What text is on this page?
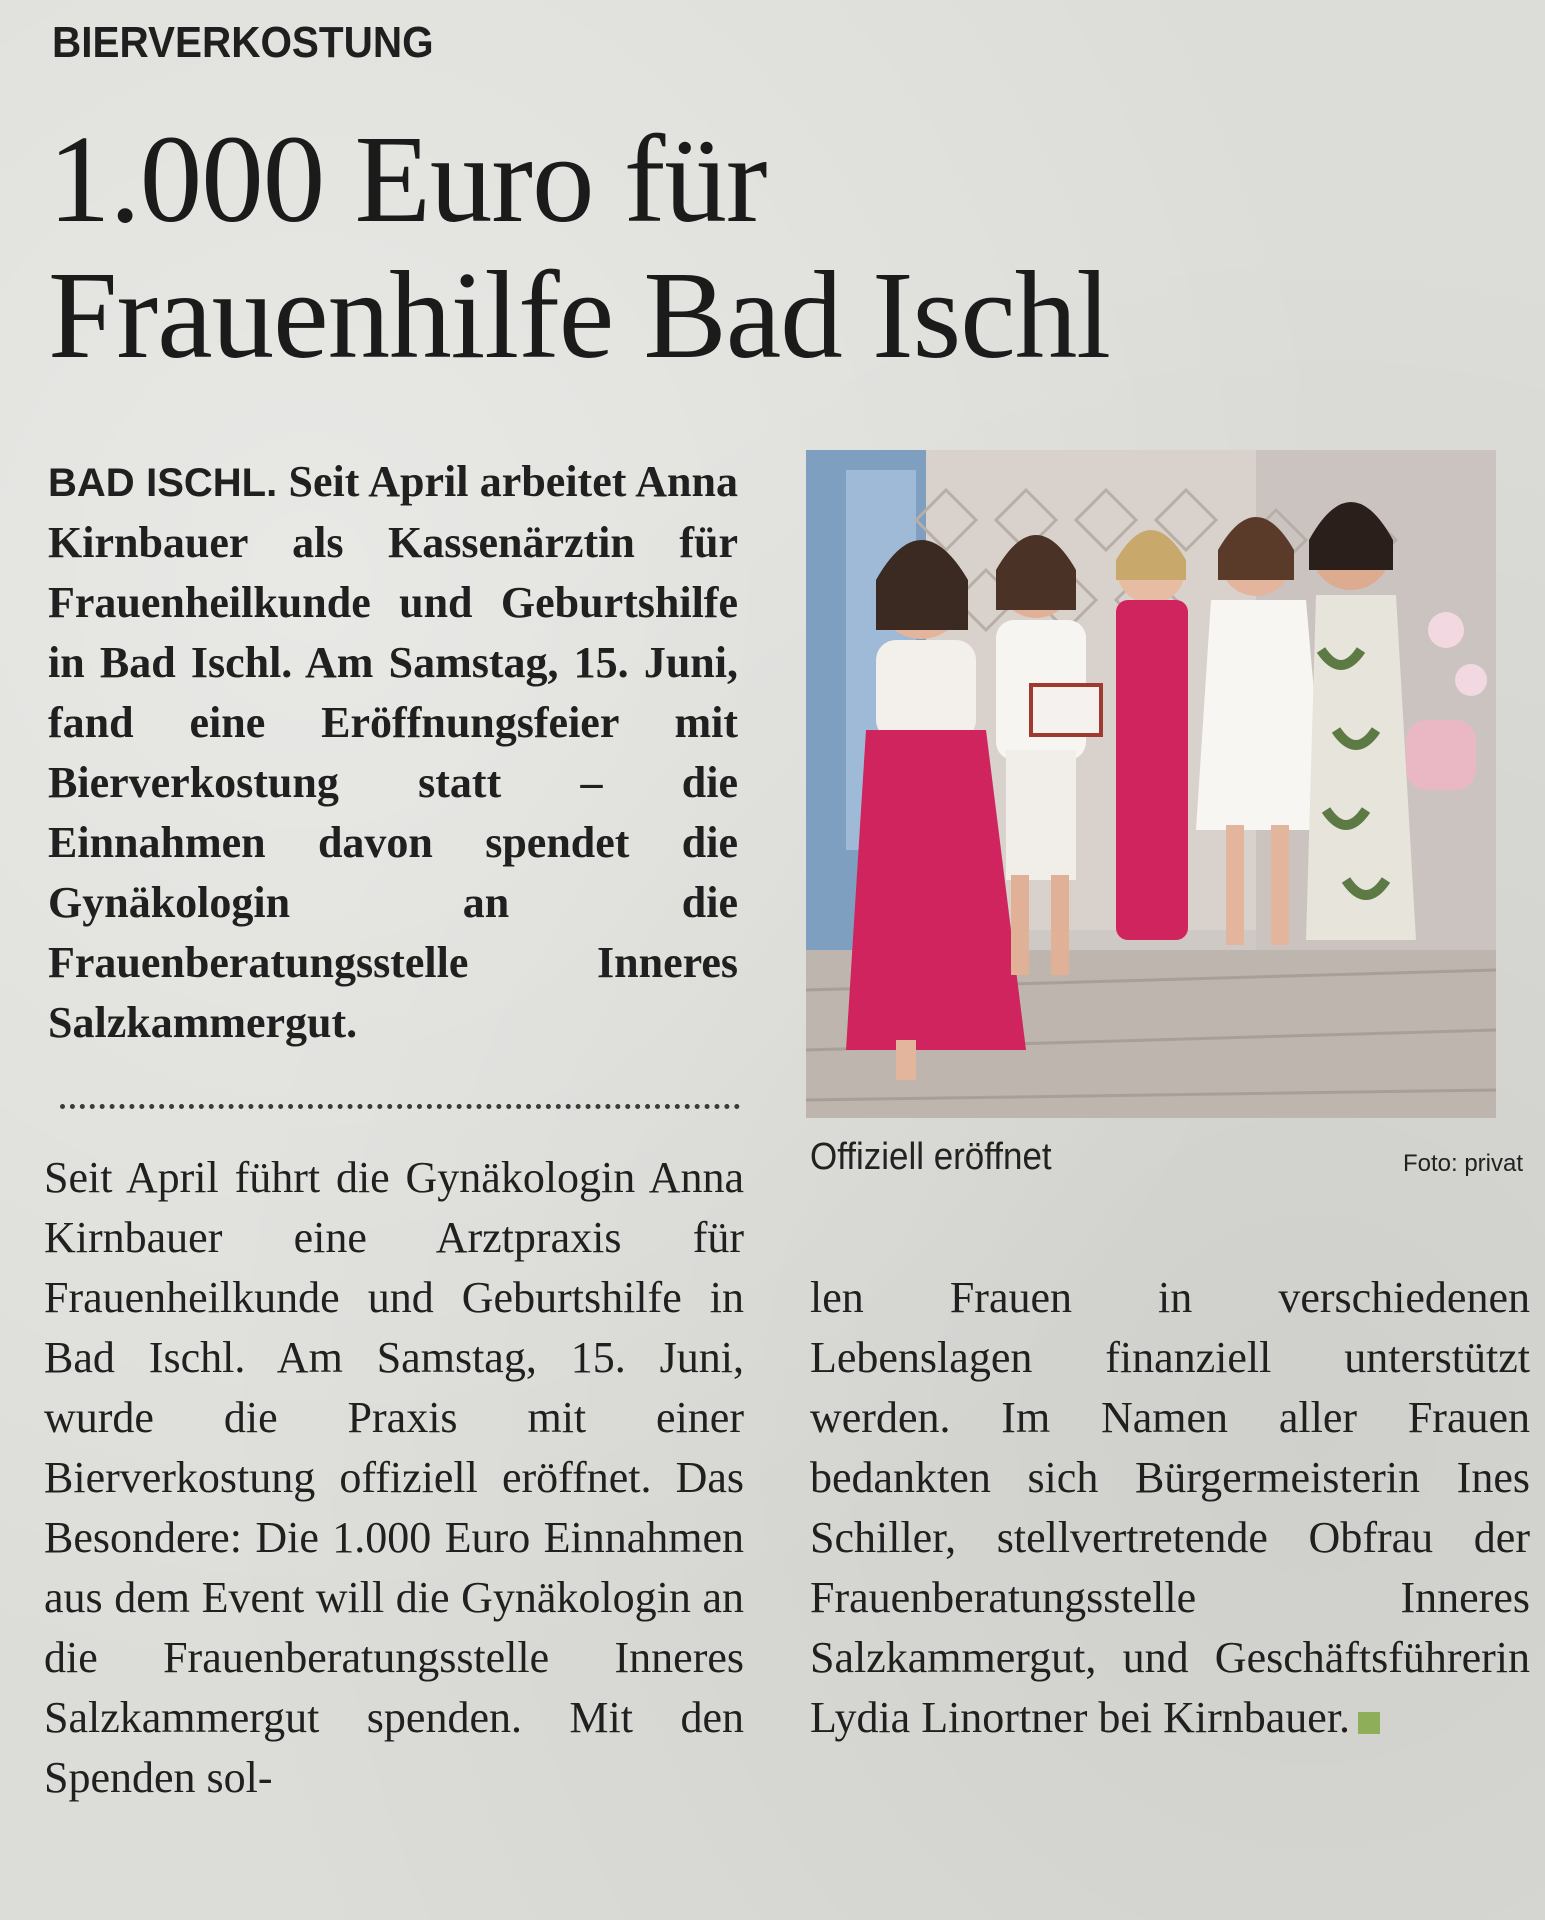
BIERVERKOSTUNG
1.000 Euro für
Frauenhilfe Bad Ischl
BAD ISCHL. Seit April arbeitet Anna Kirnbauer als Kassenärztin für Frauenheilkunde und Geburtshilfe in Bad Ischl. Am Samstag, 15. Juni, fand eine Eröffnungsfeier mit Bierverkostung statt – die Einnahmen davon spendet die Gynäkologin an die Frauenberatungsstelle Inneres Salzkammergut.
Offiziell eröffnet	Foto: privat
Seit April führt die Gynäkologin Anna Kirnbauer eine Arztpraxis für Frauenheilkunde und Geburtshilfe in Bad Ischl. Am Samstag, 15. Juni, wurde die Praxis mit einer Bierverkostung offiziell eröffnet. Das Besondere: Die 1.000 Euro Einnahmen aus dem Event will die Gynäkologin an die Frauenberatungsstelle Inneres Salzkammergut spenden. Mit den Spenden sol-
len Frauen in verschiedenen Lebenslagen finanziell unterstützt werden. Im Namen aller Frauen bedankten sich Bürgermeisterin Ines Schiller, stellvertretende Obfrau der Frauenberatungsstelle Inneres Salzkammergut, und Geschäftsführerin Lydia Linortner bei Kirnbauer.
